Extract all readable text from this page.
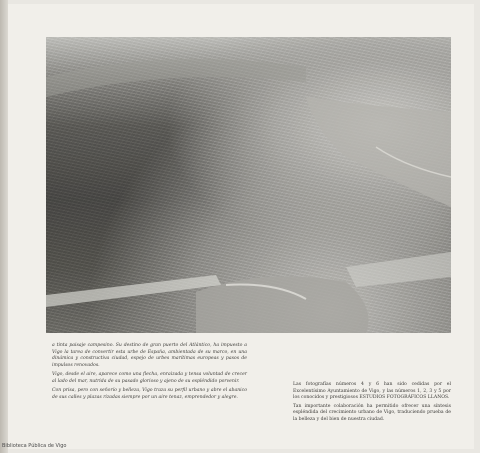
a tinta paisaje campesino. Su destino de gran puerto del Atlántico, ha impuesto a Vigo la tarea de convertir esta urbe de España, ambientada de su marco, en una dinámica y constructiva ciudad, espejo de urbes marítimas europeas y pasos de impulsos renovados.

Vigo, desde el aire, aparece como una flecha, enraizada y tensa voluntad de crecer al lado del mar, nutrida de su pasado glorioso y ajeno de su espléndido porvenir.

Con prisa, pero con señorío y belleza, Vigo traza su perfil urbano y abre el abanico de sus calles y plazas rizadas siempre por un aire tenaz, emprendedor y alegre.

Las fotografías números 4 y 6 han sido cedidas por el Excelentísimo Ayuntamiento de Vigo, y las números 1, 2, 3 y 5 por los conocidos y prestigiosos ESTUDIOS FOTOGRÁFICOS LLANOS.

Tan importante colaboración ha permitido ofrecer una síntesis espléndida del crecimiento urbano de Vigo, traduciendo prueba de la belleza y del bien de nuestra ciudad.

Biblioteca Pública de Vigo
